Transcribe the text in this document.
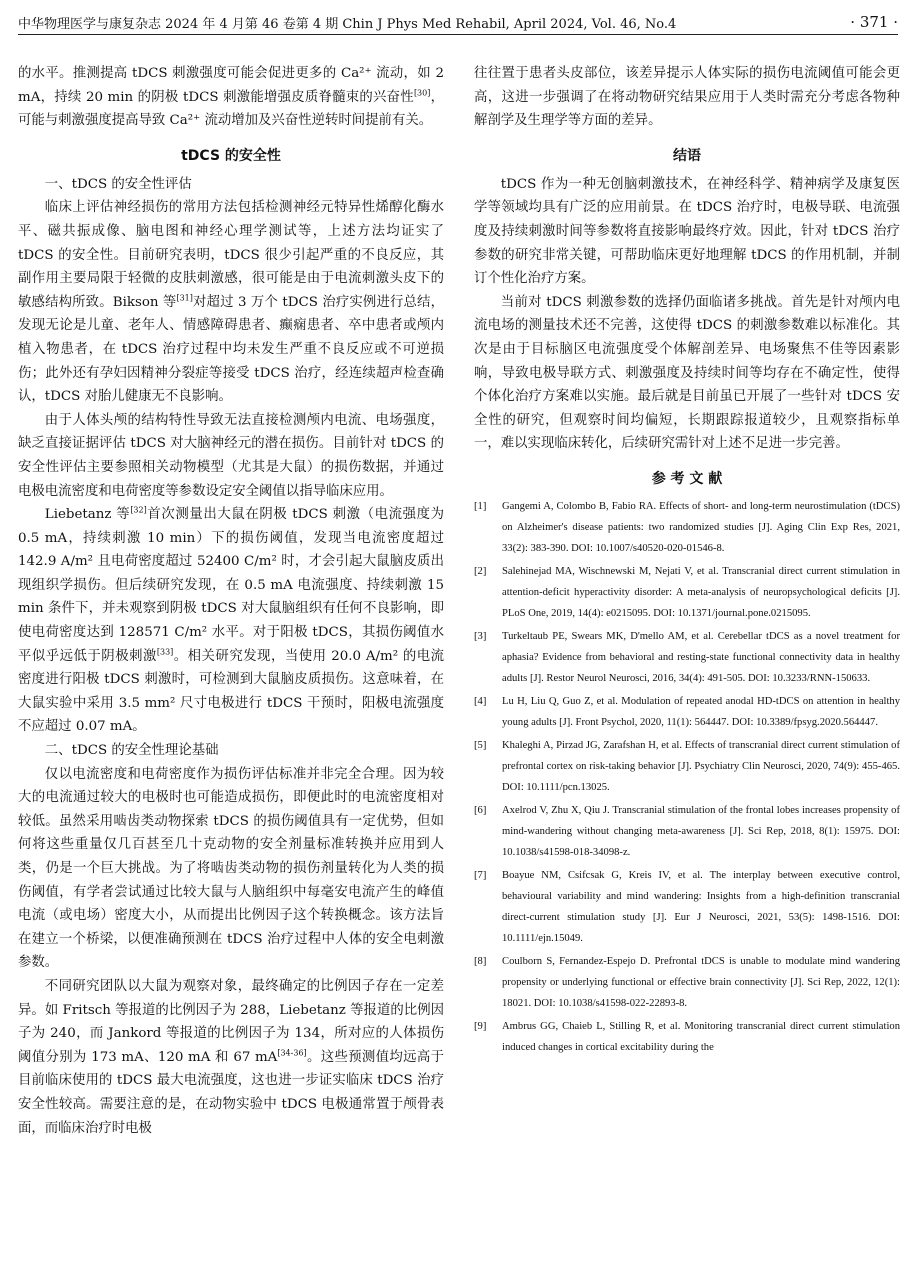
中华物理医学与康复杂志 2024 年 4 月第 46 卷第 4 期 Chin J Phys Med Rehabil, April 2024, Vol. 46, No.4	· 371 ·

的水平。推测提高 tDCS 刺激强度可能会促进更多的 Ca²⁺ 流动，如 2 mA，持续 20 min 的阴极 tDCS 刺激能增强皮质脊髓束的兴奋性[30]，可能与刺激强度提高导致 Ca²⁺ 流动增加及兴奋性逆转时间提前有关。

tDCS 的安全性
一、tDCS 的安全性评估

临床上评估神经损伤的常用方法包括检测神经元特异性烯醇化酶水平、磁共振成像、脑电图和神经心理学测试等，上述方法均证实了 tDCS 的安全性。目前研究表明，tDCS 很少引起严重的不良反应，其副作用主要局限于轻微的皮肤刺激感，很可能是由于电流刺激头皮下的敏感结构所致。Bikson 等[31]对超过 3 万个 tDCS 治疗实例进行总结，发现无论是儿童、老年人、情感障碍患者、癫痫患者、卒中患者或颅内植入物患者，在 tDCS 治疗过程中均未发生严重不良反应或不可逆损伤；此外还有孕妇因精神分裂症等接受 tDCS 治疗，经连续超声检查确认，tDCS 对胎儿健康无不良影响。

由于人体头颅的结构特性导致无法直接检测颅内电流、电场强度，缺乏直接证据评估 tDCS 对大脑神经元的潜在损伤。目前针对 tDCS 的安全性评估主要参照相关动物模型（尤其是大鼠）的损伤数据，并通过电极电流密度和电荷密度等参数设定安全阈值以指导临床应用。

Liebetanz 等[32]首次测量出大鼠在阴极 tDCS 刺激（电流强度为 0.5 mA，持续刺激 10 min）下的损伤阈值，发现当电流密度超过 142.9 A/m² 且电荷密度超过 52400 C/m² 时，才会引起大鼠脑皮质出现组织学损伤。但后续研究发现，在 0.5 mA 电流强度、持续刺激 15 min 条件下，并未观察到阴极 tDCS 对大鼠脑组织有任何不良影响，即使电荷密度达到 128571 C/m² 水平。对于阳极 tDCS，其损伤阈值水平似乎远低于阴极刺激[33]。相关研究发现，当使用 20.0 A/m² 的电流密度进行阳极 tDCS 刺激时，可检测到大鼠脑皮质损伤。这意味着，在大鼠实验中采用 3.5 mm² 尺寸电极进行 tDCS 干预时，阳极电流强度不应超过 0.07 mA。

二、tDCS 的安全性理论基础

仅以电流密度和电荷密度作为损伤评估标准并非完全合理。因为较大的电流通过较大的电极时也可能造成损伤，即便此时的电流密度相对较低。虽然采用啮齿类动物探索 tDCS 的损伤阈值具有一定优势，但如何将这些重量仅几百甚至几十克动物的安全剂量标准转换并应用到人类，仍是一个巨大挑战。为了将啮齿类动物的损伤剂量转化为人类的损伤阈值，有学者尝试通过比较大鼠与人脑组织中每毫安电流产生的峰值电流（或电场）密度大小，从而提出比例因子这个转换概念。该方法旨在建立一个桥梁，以便准确预测在 tDCS 治疗过程中人体的安全电刺激参数。

不同研究团队以大鼠为观察对象，最终确定的比例因子存在一定差异。如 Fritsch 等报道的比例因子为 288，Liebetanz 等报道的比例因子为 240，而 Jankord 等报道的比例因子为 134，所对应的人体损伤阈值分别为 173 mA、120 mA 和 67 mA[34-36]。这些预测值均远高于目前临床使用的 tDCS 最大电流强度，这也进一步证实临床 tDCS 治疗安全性较高。需要注意的是，在动物实验中 tDCS 电极通常置于颅骨表面，而临床治疗时电极

往往置于患者头皮部位，该差异提示人体实际的损伤电流阈值可能会更高，这进一步强调了在将动物研究结果应用于人类时需充分考虑各物种解剖学及生理学等方面的差异。

结语

tDCS 作为一种无创脑刺激技术，在神经科学、精神病学及康复医学等领域均具有广泛的应用前景。在 tDCS 治疗时，电极导联、电流强度及持续刺激时间等参数将直接影响最终疗效。因此，针对 tDCS 治疗参数的研究非常关键，可帮助临床更好地理解 tDCS 的作用机制，并制订个性化治疗方案。

当前对 tDCS 刺激参数的选择仍面临诸多挑战。首先是针对颅内电流电场的测量技术还不完善，这使得 tDCS 的刺激参数难以标准化。其次是由于目标脑区电流强度受个体解剖差异、电场聚焦不佳等因素影响，导致电极导联方式、刺激强度及持续时间等均存在不确定性，使得个体化治疗方案难以实施。最后就是目前虽已开展了一些针对 tDCS 安全性的研究，但观察时间均偏短，长期跟踪报道较少，且观察指标单一，难以实现临床转化，后续研究需针对上述不足进一步完善。

参 考 文 献
[1]	Gangemi A, Colombo B, Fabio RA. Effects of short- and long-term neurostimulation (tDCS) on Alzheimer's disease patients: two randomized studies [J]. Aging Clin Exp Res, 2021, 33(2): 383-390. DOI: 10.1007/s40520-020-01546-8.
[2]	Salehinejad MA, Wischnewski M, Nejati V, et al. Transcranial direct current stimulation in attention-deficit hyperactivity disorder: A meta-analysis of neuropsychological deficits [J]. PLoS One, 2019, 14(4): e0215095. DOI: 10.1371/journal.pone.0215095.
[3]	Turkeltaub PE, Swears MK, D'mello AM, et al. Cerebellar tDCS as a novel treatment for aphasia? Evidence from behavioral and resting-state functional connectivity data in healthy adults [J]. Restor Neurol Neurosci, 2016, 34(4): 491-505. DOI: 10.3233/RNN-150633.
[4]	Lu H, Liu Q, Guo Z, et al. Modulation of repeated anodal HD-tDCS on attention in healthy young adults [J]. Front Psychol, 2020, 11(1): 564447. DOI: 10.3389/fpsyg.2020.564447.
[5]	Khaleghi A, Pirzad JG, Zarafshan H, et al. Effects of transcranial direct current stimulation of prefrontal cortex on risk-taking behavior [J]. Psychiatry Clin Neurosci, 2020, 74(9): 455-465. DOI: 10.1111/pcn.13025.
[6]	Axelrod V, Zhu X, Qiu J. Transcranial stimulation of the frontal lobes increases propensity of mind-wandering without changing meta-awareness [J]. Sci Rep, 2018, 8(1): 15975. DOI: 10.1038/s41598-018-34098-z.
[7]	Boayue NM, Csifcsak G, Kreis IV, et al. The interplay between executive control, behavioural variability and mind wandering: Insights from a high-definition transcranial direct-current stimulation study [J]. Eur J Neurosci, 2021, 53(5): 1498-1516. DOI: 10.1111/ejn.15049.
[8]	Coulborn S, Fernandez-Espejo D. Prefrontal tDCS is unable to modulate mind wandering propensity or underlying functional or effective brain connectivity [J]. Sci Rep, 2022, 12(1): 18021. DOI: 10.1038/s41598-022-22893-8.
[9]	Ambrus GG, Chaieb L, Stilling R, et al. Monitoring transcranial direct current stimulation induced changes in cortical excitability during the
